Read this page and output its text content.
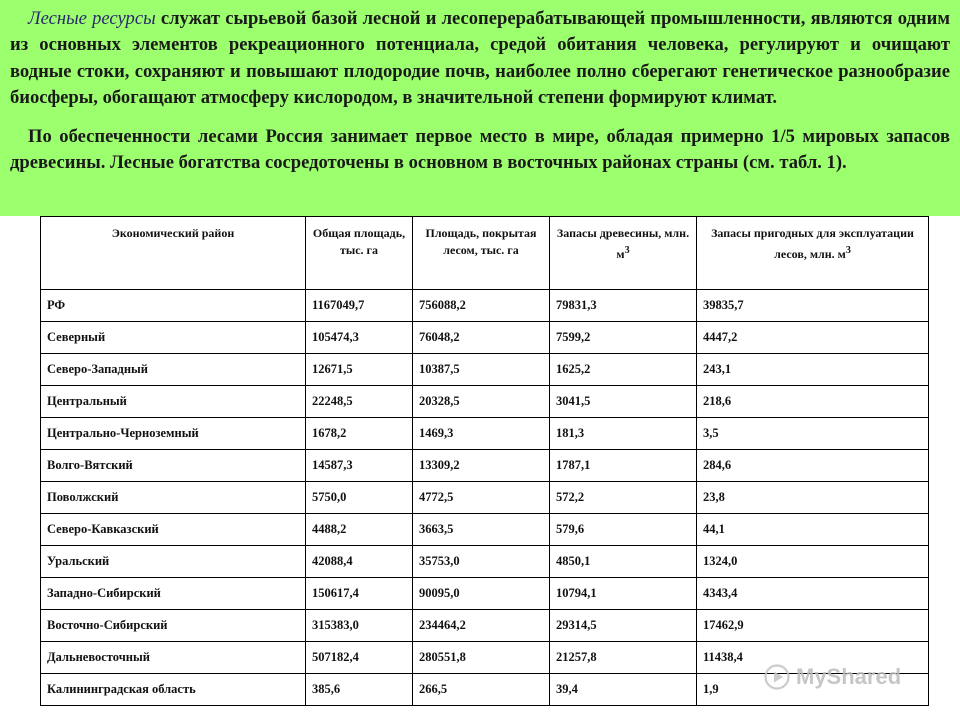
Лесные ресурсы служат сырьевой базой лесной и лесоперерабатывающей промышленности, являются одним из основных элементов рекреационного потенциала, средой обитания человека, регулируют и очищают водные стоки, сохраняют и повышают плодородие почв, наиболее полно сберегают генетическое разнообразие биосферы, обогащают атмосферу кислородом, в значительной степени формируют климат.

По обеспеченности лесами Россия занимает первое место в мире, обладая примерно 1/5 мировых запасов древесины. Лесные богатства сосредоточены в основном в восточных районах страны (см. табл. 1).

Экономический район	Общая площадь, тыс. га	Площадь, покрытая лесом, тыс. га	Запасы древесины, млн. $м^3$	Запасы пригодных для эксплуатации лесов, млн. $м^3$
РФ	1167049,7	756088,2	79831,3	39835,7
Северный	105474,3	76048,2	7599,2	4447,2
Северо-Западный	12671,5	10387,5	1625,2	243,1
Центральный	22248,5	20328,5	3041,5	218,6
Центрально-Черноземный	1678,2	1469,3	181,3	3,5
Волго-Вятский	14587,3	13309,2	1787,1	284,6
Поволжский	5750,0	4772,5	572,2	23,8
Северо-Кавказский	4488,2	3663,5	579,6	44,1
Уральский	42088,4	35753,0	4850,1	1324,0
Западно-Сибирский	150617,4	90095,0	10794,1	4343,4
Восточно-Сибирский	315383,0	234464,2	29314,5	17462,9
Дальневосточный	507182,4	280551,8	21257,8	11438,4
Калининградская область	385,6	266,5	39,4	1,9	MyShared
